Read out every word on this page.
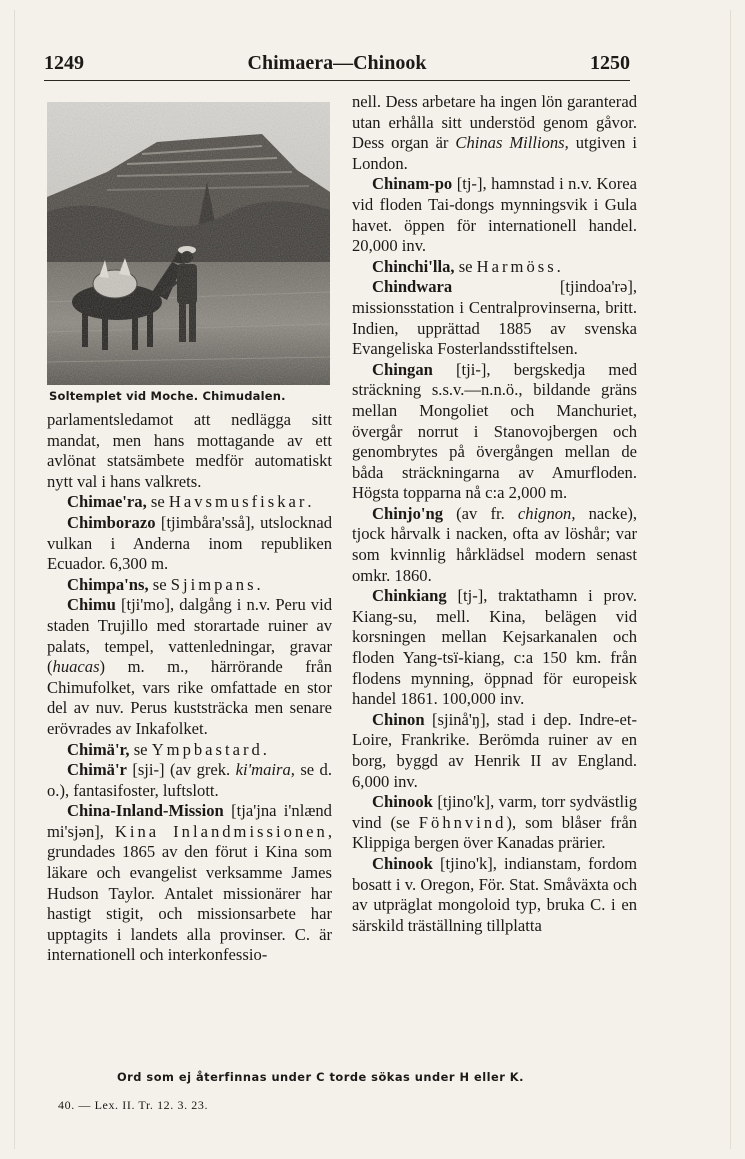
1249	Chimaera—Chinook	1250
Soltemplet vid Moche. Chimudalen.

parlamentsledamot att nedlägga sitt mandat, men hans mottagande av ett avlönat statsämbete medför automatiskt nytt val i hans valkrets.

Chimae'ra, se Havsmusfiskar.

Chimborazo [tjimbåra'sså], utslocknad vulkan i Anderna inom republiken Ecuador. 6,300 m.

Chimpa'ns, se Sjimpans.

Chimu [tji'mo], dalgång i n.v. Peru vid staden Trujillo med storartade ruiner av palats, tempel, vattenledningar, gravar (huacas) m. m., härrörande från Chimufolket, vars rike omfattade en stor del av nuv. Perus kuststräcka men senare erövrades av Inkafolket.

Chimä'r, se Ympbastard.

Chimä'r [sji-] (av grek. ki'maira, se d. o.), fantasifoster, luftslott.

China-Inland-Mission [tja'jna i'nlænd mi'sjən], Kina Inlandmissionen, grundades 1865 av den förut i Kina som läkare och evangelist verksamme James Hudson Taylor. Antalet missionärer har hastigt stigit, och missionsarbete har upptagits i landets alla provinser. C. är internationell och interkonfessio-

nell. Dess arbetare ha ingen lön garanterad utan erhålla sitt understöd genom gåvor. Dess organ är Chinas Millions, utgiven i London.

Chinam-po [tj-], hamnstad i n.v. Korea vid floden Tai-dongs mynningsvik i Gula havet. öppen för internationell handel. 20,000 inv.

Chinchi'lla, se Harmöss.

Chindwara	[tjindoa'rə], missionsstation i Centralprovinserna, britt. Indien, upprättad 1885 av svenska Evangeliska Fosterlandsstiftelsen.

Chingan [tji-], bergskedja med sträckning s.s.v.—n.n.ö., bildande gräns mellan Mongoliet och Manchuriet, övergår norrut i Stanovojbergen och genombrytes på övergången mellan de båda sträckningarna av Amurfloden. Högsta topparna nå c:a 2,000 m.

Chinjo'ng (av fr. chignon, nacke), tjock hårvalk i nacken, ofta av löshår; var som kvinnlig hårklädsel modern senast omkr. 1860.

Chinkiang [tj-], traktathamn i prov. Kiang-su, mell. Kina, belägen vid korsningen mellan Kejsarkanalen och floden Yang-tsï-kiang, c:a 150 km. från flodens mynning, öppnad för europeisk handel 1861. 100,000 inv.

Chinon [sjinå'ŋ], stad i dep. Indre-et-Loire, Frankrike. Berömda ruiner av en borg, byggd av Henrik II av England. 6,000 inv.

Chinook [tjino'k], varm, torr sydvästlig vind (se Föhnvind), som blåser från Klippiga bergen över Kanadas prärier.

Chinook [tjino'k], indianstam, fordom bosatt i v. Oregon, För. Stat. Småväxta och av utpräglat mongoloid typ, bruka C. i en särskild träställning tillplatta

Ord som ej återfinnas under C torde sökas under H eller K.
40. — Lex. II. Tr. 12. 3. 23.
